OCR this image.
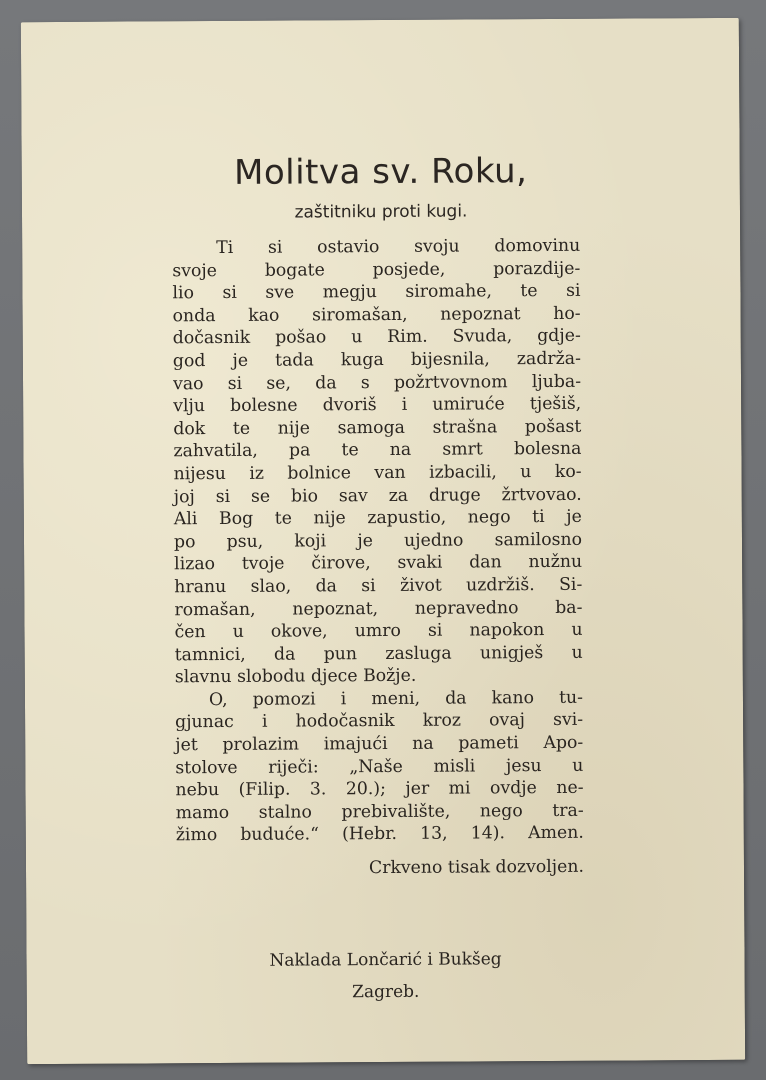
Molitva sv. Roku,
zaštitniku proti kugi.
Ti si ostavio svoju domovinu
svoje bogate posjede, porazdije-
lio si sve megju siromahe, te si
onda kao siromašan, nepoznat ho-
dočasnik pošao u Rim. Svuda, gdje-
god je tada kuga bijesnila, zadrža-
vao si se, da s požrtvovnom ljuba-
vlju bolesne dvoriš i umiruće tješiš,
dok te nije samoga strašna pošast
zahvatila, pa te na smrt bolesna
nijesu iz bolnice van izbacili, u ko-
joj si se bio sav za druge žrtvovao.
Ali Bog te nije zapustio, nego ti je
po psu, koji je ujedno samilosno
lizao tvoje čirove, svaki dan nužnu
hranu slao, da si život uzdržiš. Si-
romašan, nepoznat, nepravedno ba-
čen u okove, umro si napokon u
tamnici, da pun zasluga unigješ u
slavnu slobodu djece Božje.
O, pomozi i meni, da kano tu-
gjunac i hodočasnik kroz ovaj svi-
jet prolazim imajući na pameti Apo-
stolove riječi: „Naše misli jesu u
nebu (Filip. 3. 20.); jer mi ovdje ne-
mamo stalno prebivalište, nego tra-
žimo buduće.“ (Hebr. 13, 14). Amen.
Crkveno tisak dozvoljen.
Naklada Lončarić i Bukšeg
Zagreb.
